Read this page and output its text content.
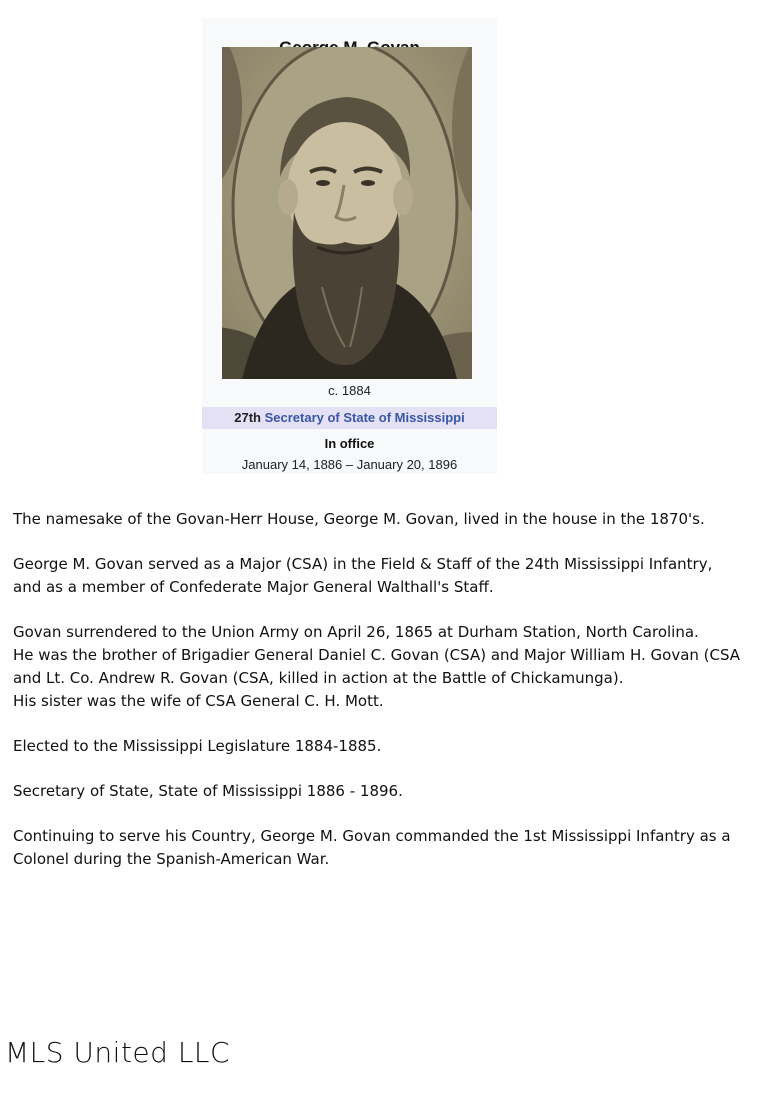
c. 1884
27th Secretary of State of Mississippi
In office
January 14, 1886 – January 20, 1896

The namesake of the Govan-Herr House, George M. Govan, lived in the house in the 1870's.

George M. Govan served as a Major (CSA) in the Field & Staff of the 24th Mississippi Infantry,
and as a member of Confederate Major General Walthall's Staff.

Govan surrendered to the Union Army on April 26, 1865 at Durham Station, North Carolina.
He was the brother of Brigadier General Daniel C. Govan (CSA) and Major William H. Govan (CSA
and Lt. Co. Andrew R. Govan (CSA, killed in action at the Battle of Chickamunga).
His sister was the wife of CSA General C. H. Mott.

Elected to the Mississippi Legislature 1884-1885.

Secretary of State, State of Mississippi 1886 - 1896.

Continuing to serve his Country, George M. Govan commanded the 1st Mississippi Infantry as a
Colonel during the Spanish-American War.

MLS United LLC
